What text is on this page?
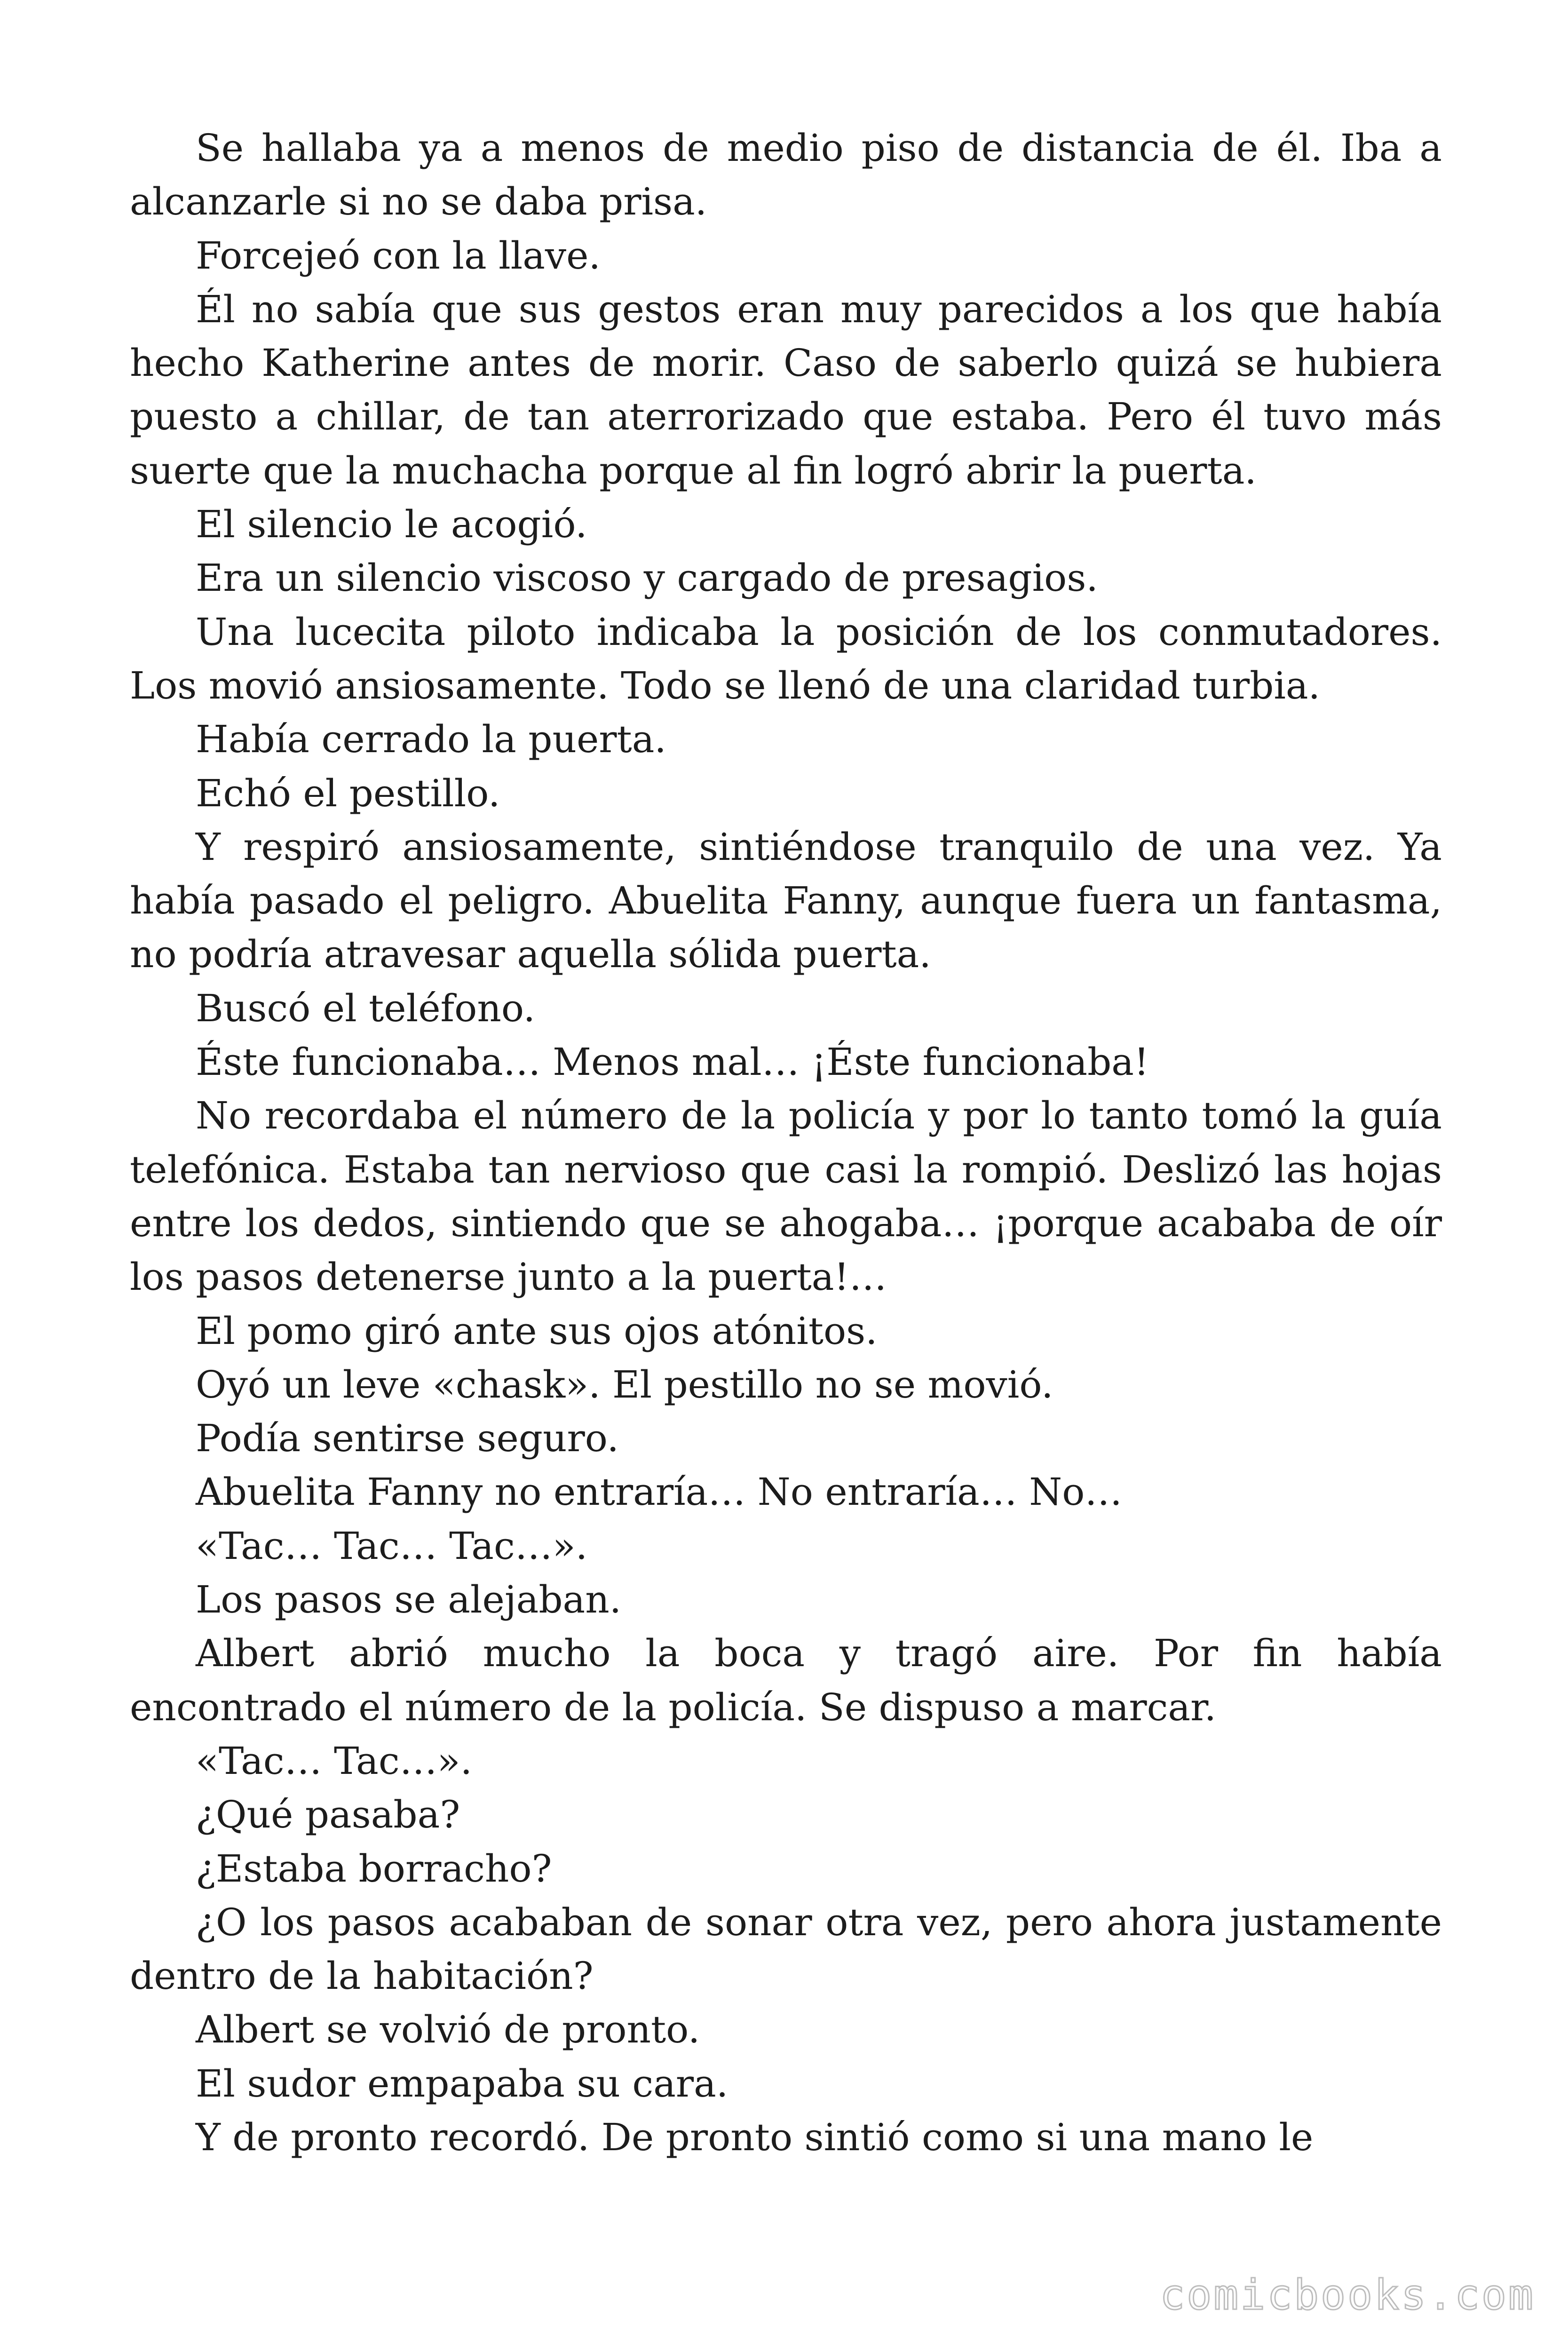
Se hallaba ya a menos de medio piso de distancia de él. Iba a alcanzarle si no se daba prisa.

Forcejeó con la llave.

Él no sabía que sus gestos eran muy parecidos a los que había hecho Katherine antes de morir. Caso de saberlo quizá se hubiera puesto a chillar, de tan aterrorizado que estaba. Pero él tuvo más suerte que la muchacha porque al fin logró abrir la puerta.

El silencio le acogió.

Era un silencio viscoso y cargado de presagios.

Una lucecita piloto indicaba la posición de los conmutadores. Los movió ansiosamente. Todo se llenó de una claridad turbia.

Había cerrado la puerta.

Echó el pestillo.

Y respiró ansiosamente, sintiéndose tranquilo de una vez. Ya había pasado el peligro. Abuelita Fanny, aunque fuera un fantasma, no podría atravesar aquella sólida puerta.

Buscó el teléfono.

Éste funcionaba… Menos mal… ¡Éste funcionaba!

No recordaba el número de la policía y por lo tanto tomó la guía telefónica. Estaba tan nervioso que casi la rompió. Deslizó las hojas entre los dedos, sintiendo que se ahogaba… ¡porque acababa de oír los pasos detenerse junto a la puerta!…

El pomo giró ante sus ojos atónitos.

Oyó un leve «chask». El pestillo no se movió.

Podía sentirse seguro.

Abuelita Fanny no entraría… No entraría… No…

«Tac… Tac… Tac…».

Los pasos se alejaban.

Albert abrió mucho la boca y tragó aire. Por fin había encontrado el número de la policía. Se dispuso a marcar.

«Tac… Tac…».

¿Qué pasaba?

¿Estaba borracho?

¿O los pasos acababan de sonar otra vez, pero ahora justamente dentro de la habitación?

Albert se volvió de pronto.

El sudor empapaba su cara.

Y de pronto recordó. De pronto sintió como si una mano le

comicbooks.com
